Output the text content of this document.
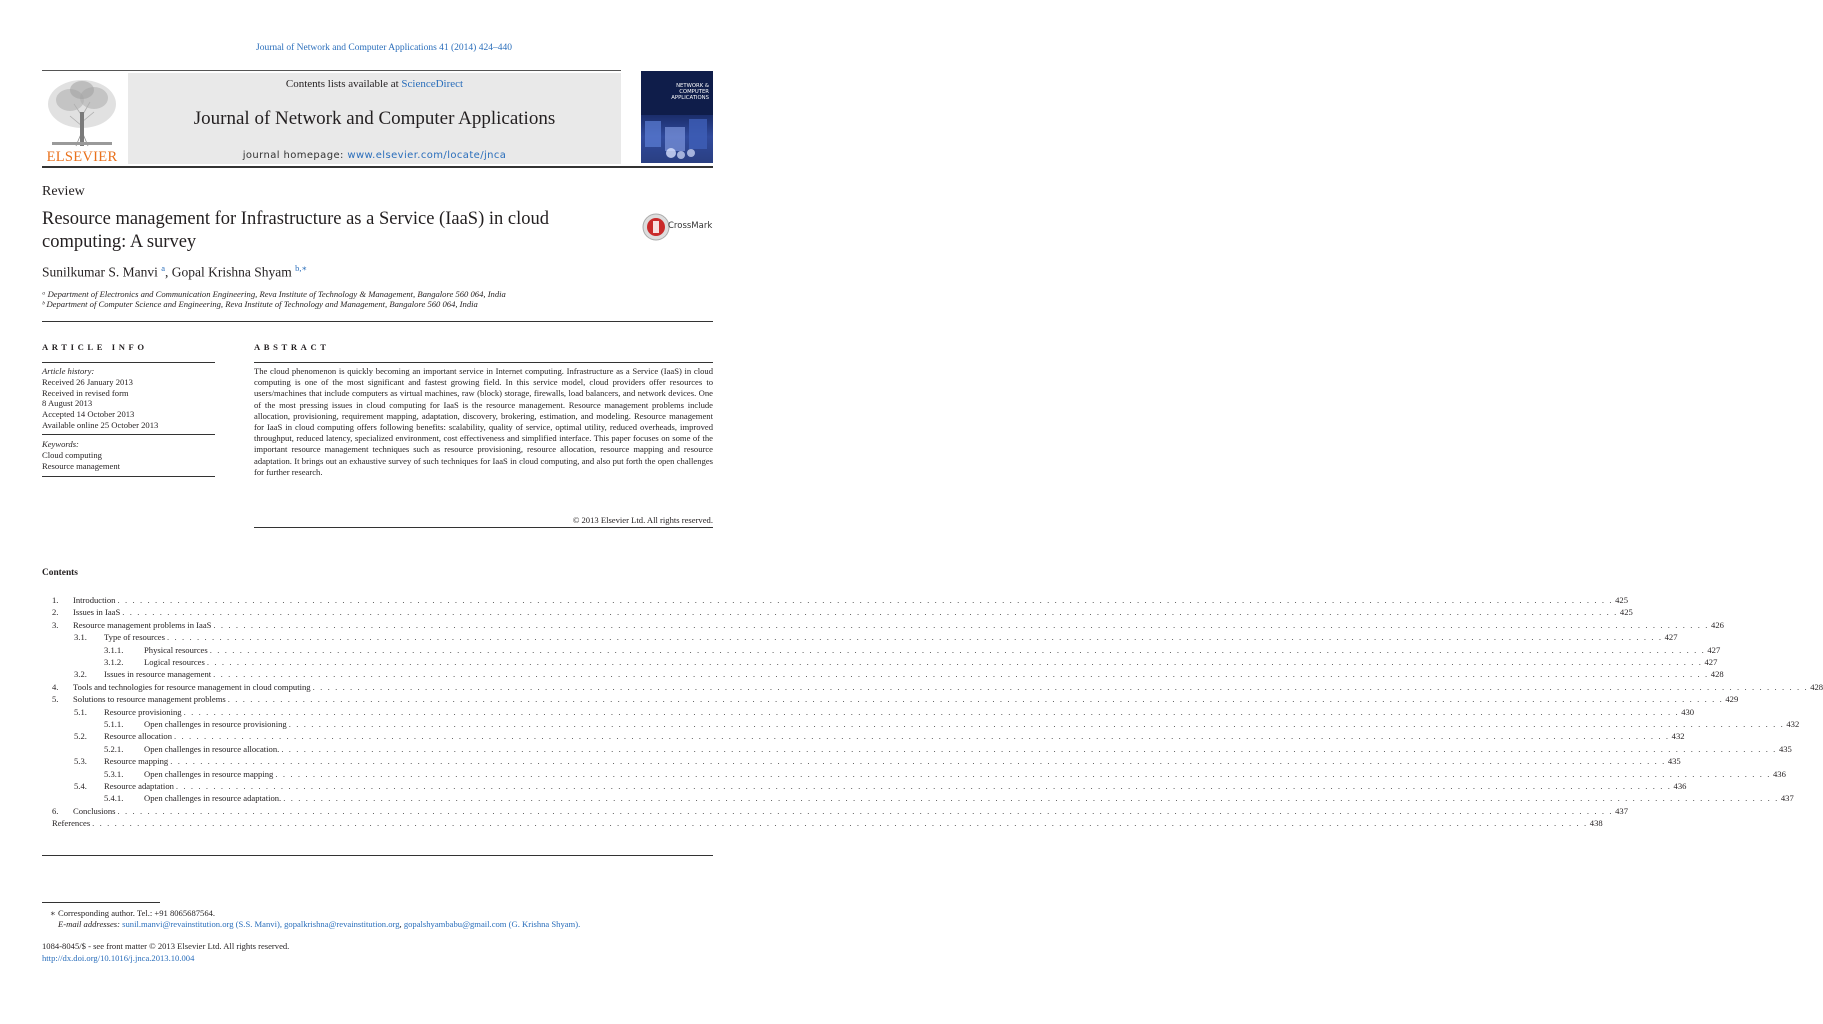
Journal of Network and Computer Applications 41 (2014) 424–440
ELSEVIER
Contents lists available at ScienceDirect
Journal of Network and Computer Applications
journal homepage: www.elsevier.com/locate/jnca
NETWORK &
COMPUTER
APPLICATIONS
Review
Resource management for Infrastructure as a Service (IaaS) in cloud computing: A survey
CrossMark
Sunilkumar S. Manvi $^a$, Gopal Krishna Shyam $^{b,∗}$
ᵃ Department of Electronics and Communication Engineering, Reva Institute of Technology & Management, Bangalore 560 064, India
ᵇ Department of Computer Science and Engineering, Reva Institute of Technology and Management, Bangalore 560 064, India
ARTICLE INFO
Article history:
Received 26 January 2013
Received in revised form
8 August 2013
Accepted 14 October 2013
Available online 25 October 2013
Keywords:
Cloud computing
Resource management
ABSTRACT
The cloud phenomenon is quickly becoming an important service in Internet computing. Infrastructure as a Service (IaaS) in cloud computing is one of the most significant and fastest growing field. In this service model, cloud providers offer resources to users/machines that include computers as virtual machines, raw (block) storage, firewalls, load balancers, and network devices. One of the most pressing issues in cloud computing for IaaS is the resource management. Resource management problems include allocation, provisioning, requirement mapping, adaptation, discovery, brokering, estimation, and modeling. Resource management for IaaS in cloud computing offers following benefits: scalability, quality of service, optimal utility, reduced overheads, improved throughput, reduced latency, specialized environment, cost effectiveness and simplified interface. This paper focuses on some of the important resource management techniques such as resource provisioning, resource allocation, resource mapping and resource adaptation. It brings out an exhaustive survey of such techniques for IaaS in cloud computing, and also put forth the open challenges for further research.
© 2013 Elsevier Ltd. All rights reserved.
Contents
1. Introduction . . . . . . . . . . . . . . . . . . . . . . . . . . . . . . . . . . . . . . . . . . . . . . . . . . . . . . . . . . . . . . . . . . . . . . . . . . . . . . . . . . . . . . . . . . . . . . . . . . . . . . . . . . . . . . . . . . . . . . . . . . . . . . . . . . . . . . . . . . . . . . . . . . . . . . . . . . . . . . . . . . . . . . . . . . . . . . . . . . . . . . . . . . . . . . . . . . . . . . . . 425
2. Issues in IaaS . . . . . . . . . . . . . . . . . . . . . . . . . . . . . . . . . . . . . . . . . . . . . . . . . . . . . . . . . . . . . . . . . . . . . . . . . . . . . . . . . . . . . . . . . . . . . . . . . . . . . . . . . . . . . . . . . . . . . . . . . . . . . . . . . . . . . . . . . . . . . . . . . . . . . . . . . . . . . . . . . . . . . . . . . . . . . . . . . . . . . . . . . . . . . . . . . . . . . . . . 425
3. Resource management problems in IaaS . . . . . . . . . . . . . . . . . . . . . . . . . . . . . . . . . . . . . . . . . . . . . . . . . . . . . . . . . . . . . . . . . . . . . . . . . . . . . . . . . . . . . . . . . . . . . . . . . . . . . . . . . . . . . . . . . . . . . . . . . . . . . . . . . . . . . . . . . . . . . . . . . . . . . . . . . . . . . . . . . . . . . . . . . . . . . . . . . . . . . . . . . . . . . . . . . . . . . . . . 426
3.1. Type of resources . . . . . . . . . . . . . . . . . . . . . . . . . . . . . . . . . . . . . . . . . . . . . . . . . . . . . . . . . . . . . . . . . . . . . . . . . . . . . . . . . . . . . . . . . . . . . . . . . . . . . . . . . . . . . . . . . . . . . . . . . . . . . . . . . . . . . . . . . . . . . . . . . . . . . . . . . . . . . . . . . . . . . . . . . . . . . . . . . . . . . . . . . . . . . . . . . . . . . . . . 427
3.1.1. Physical resources . . . . . . . . . . . . . . . . . . . . . . . . . . . . . . . . . . . . . . . . . . . . . . . . . . . . . . . . . . . . . . . . . . . . . . . . . . . . . . . . . . . . . . . . . . . . . . . . . . . . . . . . . . . . . . . . . . . . . . . . . . . . . . . . . . . . . . . . . . . . . . . . . . . . . . . . . . . . . . . . . . . . . . . . . . . . . . . . . . . . . . . . . . . . . . . . . . . . . . . . 427
3.1.2. Logical resources . . . . . . . . . . . . . . . . . . . . . . . . . . . . . . . . . . . . . . . . . . . . . . . . . . . . . . . . . . . . . . . . . . . . . . . . . . . . . . . . . . . . . . . . . . . . . . . . . . . . . . . . . . . . . . . . . . . . . . . . . . . . . . . . . . . . . . . . . . . . . . . . . . . . . . . . . . . . . . . . . . . . . . . . . . . . . . . . . . . . . . . . . . . . . . . . . . . . . . . . 427
3.2. Issues in resource management . . . . . . . . . . . . . . . . . . . . . . . . . . . . . . . . . . . . . . . . . . . . . . . . . . . . . . . . . . . . . . . . . . . . . . . . . . . . . . . . . . . . . . . . . . . . . . . . . . . . . . . . . . . . . . . . . . . . . . . . . . . . . . . . . . . . . . . . . . . . . . . . . . . . . . . . . . . . . . . . . . . . . . . . . . . . . . . . . . . . . . . . . . . . . . . . . . . . . . . . 428
4. Tools and technologies for resource management in cloud computing . . . . . . . . . . . . . . . . . . . . . . . . . . . . . . . . . . . . . . . . . . . . . . . . . . . . . . . . . . . . . . . . . . . . . . . . . . . . . . . . . . . . . . . . . . . . . . . . . . . . . . . . . . . . . . . . . . . . . . . . . . . . . . . . . . . . . . . . . . . . . . . . . . . . . . . . . . . . . . . . . . . . . . . . . . . . . . . . . . . . . . . . . . . . . . . . . . . . . . . . 428
5. Solutions to resource management problems . . . . . . . . . . . . . . . . . . . . . . . . . . . . . . . . . . . . . . . . . . . . . . . . . . . . . . . . . . . . . . . . . . . . . . . . . . . . . . . . . . . . . . . . . . . . . . . . . . . . . . . . . . . . . . . . . . . . . . . . . . . . . . . . . . . . . . . . . . . . . . . . . . . . . . . . . . . . . . . . . . . . . . . . . . . . . . . . . . . . . . . . . . . . . . . . . . . . . . . . 429
5.1. Resource provisioning . . . . . . . . . . . . . . . . . . . . . . . . . . . . . . . . . . . . . . . . . . . . . . . . . . . . . . . . . . . . . . . . . . . . . . . . . . . . . . . . . . . . . . . . . . . . . . . . . . . . . . . . . . . . . . . . . . . . . . . . . . . . . . . . . . . . . . . . . . . . . . . . . . . . . . . . . . . . . . . . . . . . . . . . . . . . . . . . . . . . . . . . . . . . . . . . . . . . . . . . 430
5.1.1. Open challenges in resource provisioning . . . . . . . . . . . . . . . . . . . . . . . . . . . . . . . . . . . . . . . . . . . . . . . . . . . . . . . . . . . . . . . . . . . . . . . . . . . . . . . . . . . . . . . . . . . . . . . . . . . . . . . . . . . . . . . . . . . . . . . . . . . . . . . . . . . . . . . . . . . . . . . . . . . . . . . . . . . . . . . . . . . . . . . . . . . . . . . . . . . . . . . . . . . . . . . . . . . . . . . . 432
5.2. Resource allocation . . . . . . . . . . . . . . . . . . . . . . . . . . . . . . . . . . . . . . . . . . . . . . . . . . . . . . . . . . . . . . . . . . . . . . . . . . . . . . . . . . . . . . . . . . . . . . . . . . . . . . . . . . . . . . . . . . . . . . . . . . . . . . . . . . . . . . . . . . . . . . . . . . . . . . . . . . . . . . . . . . . . . . . . . . . . . . . . . . . . . . . . . . . . . . . . . . . . . . . . 432
5.2.1. Open challenges in resource allocation. . . . . . . . . . . . . . . . . . . . . . . . . . . . . . . . . . . . . . . . . . . . . . . . . . . . . . . . . . . . . . . . . . . . . . . . . . . . . . . . . . . . . . . . . . . . . . . . . . . . . . . . . . . . . . . . . . . . . . . . . . . . . . . . . . . . . . . . . . . . . . . . . . . . . . . . . . . . . . . . . . . . . . . . . . . . . . . . . . . . . . . . . . . . . . . . . . . . . . . . . 435
5.3. Resource mapping . . . . . . . . . . . . . . . . . . . . . . . . . . . . . . . . . . . . . . . . . . . . . . . . . . . . . . . . . . . . . . . . . . . . . . . . . . . . . . . . . . . . . . . . . . . . . . . . . . . . . . . . . . . . . . . . . . . . . . . . . . . . . . . . . . . . . . . . . . . . . . . . . . . . . . . . . . . . . . . . . . . . . . . . . . . . . . . . . . . . . . . . . . . . . . . . . . . . . . . . 435
5.3.1. Open challenges in resource mapping . . . . . . . . . . . . . . . . . . . . . . . . . . . . . . . . . . . . . . . . . . . . . . . . . . . . . . . . . . . . . . . . . . . . . . . . . . . . . . . . . . . . . . . . . . . . . . . . . . . . . . . . . . . . . . . . . . . . . . . . . . . . . . . . . . . . . . . . . . . . . . . . . . . . . . . . . . . . . . . . . . . . . . . . . . . . . . . . . . . . . . . . . . . . . . . . . . . . . . . . 436
5.4. Resource adaptation . . . . . . . . . . . . . . . . . . . . . . . . . . . . . . . . . . . . . . . . . . . . . . . . . . . . . . . . . . . . . . . . . . . . . . . . . . . . . . . . . . . . . . . . . . . . . . . . . . . . . . . . . . . . . . . . . . . . . . . . . . . . . . . . . . . . . . . . . . . . . . . . . . . . . . . . . . . . . . . . . . . . . . . . . . . . . . . . . . . . . . . . . . . . . . . . . . . . . . . . 436
5.4.1. Open challenges in resource adaptation. . . . . . . . . . . . . . . . . . . . . . . . . . . . . . . . . . . . . . . . . . . . . . . . . . . . . . . . . . . . . . . . . . . . . . . . . . . . . . . . . . . . . . . . . . . . . . . . . . . . . . . . . . . . . . . . . . . . . . . . . . . . . . . . . . . . . . . . . . . . . . . . . . . . . . . . . . . . . . . . . . . . . . . . . . . . . . . . . . . . . . . . . . . . . . . . . . . . . . . . . 437
6. Conclusions . . . . . . . . . . . . . . . . . . . . . . . . . . . . . . . . . . . . . . . . . . . . . . . . . . . . . . . . . . . . . . . . . . . . . . . . . . . . . . . . . . . . . . . . . . . . . . . . . . . . . . . . . . . . . . . . . . . . . . . . . . . . . . . . . . . . . . . . . . . . . . . . . . . . . . . . . . . . . . . . . . . . . . . . . . . . . . . . . . . . . . . . . . . . . . . . . . . . . . . . 437
References . . . . . . . . . . . . . . . . . . . . . . . . . . . . . . . . . . . . . . . . . . . . . . . . . . . . . . . . . . . . . . . . . . . . . . . . . . . . . . . . . . . . . . . . . . . . . . . . . . . . . . . . . . . . . . . . . . . . . . . . . . . . . . . . . . . . . . . . . . . . . . . . . . . . . . . . . . . . . . . . . . . . . . . . . . . . . . . . . . . . . . . . . . . . . . . . . . . . . . . . 438
∗ Corresponding author. Tel.: +91 8065687564.
E-mail addresses: sunil.manvi@revainstitution.org (S.S. Manvi), gopalkrishna@revainstitution.org, gopalshyambabu@gmail.com (G. Krishna Shyam).
1084-8045/$ - see front matter © 2013 Elsevier Ltd. All rights reserved.
http://dx.doi.org/10.1016/j.jnca.2013.10.004
